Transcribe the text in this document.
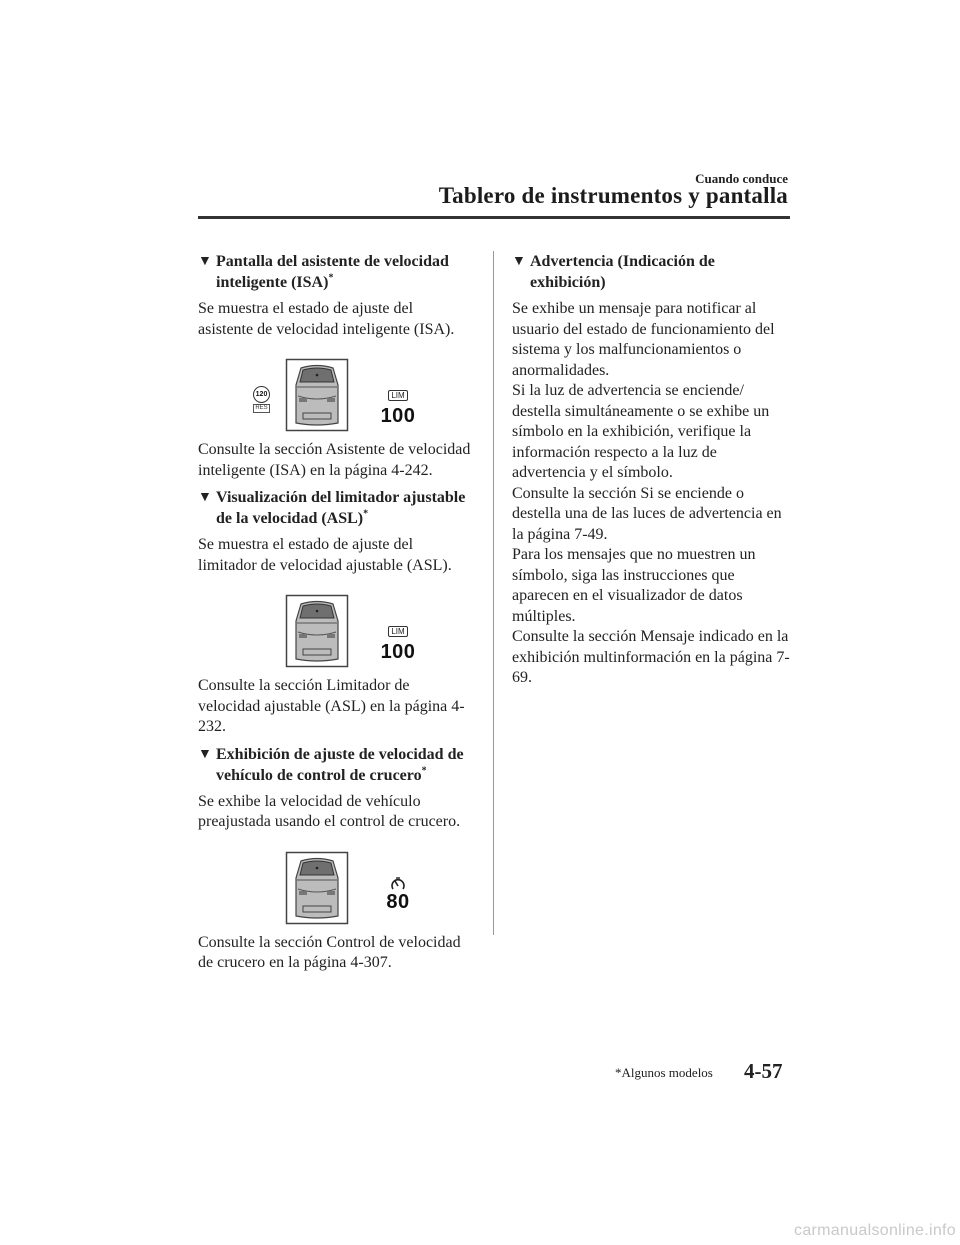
Cuando conduce
Tablero de instrumentos y pantalla
▼ Pantalla del asistente de velocidad inteligente (ISA)*

Se muestra el estado de ajuste del asistente de velocidad inteligente (ISA).

120
RES
LIM
100

Consulte la sección Asistente de velocidad inteligente (ISA) en la página 4-242.

▼ Visualización del limitador ajustable de la velocidad (ASL)*

Se muestra el estado de ajuste del limitador de velocidad ajustable (ASL).

LIM
100

Consulte la sección Limitador de velocidad ajustable (ASL) en la página 4-232.

▼ Exhibición de ajuste de velocidad de vehículo de control de crucero*

Se exhibe la velocidad de vehículo preajustada usando el control de crucero.

80

Consulte la sección Control de velocidad de crucero en la página 4-307.

▼ Advertencia (Indicación de exhibición)

Se exhibe un mensaje para notificar al usuario del estado de funcionamiento del sistema y los malfuncionamientos o anormalidades.

Si la luz de advertencia se enciende/ destella simultáneamente o se exhibe un símbolo en la exhibición, verifique la información respecto a la luz de advertencia y el símbolo.

Consulte la sección Si se enciende o destella una de las luces de advertencia en la página 7-49.

Para los mensajes que no muestren un símbolo, siga las instrucciones que aparecen en el visualizador de datos múltiples.

Consulte la sección Mensaje indicado en la exhibición multinformación en la página 7-69.

*Algunos modelos 4-57
carmanualsonline.info
